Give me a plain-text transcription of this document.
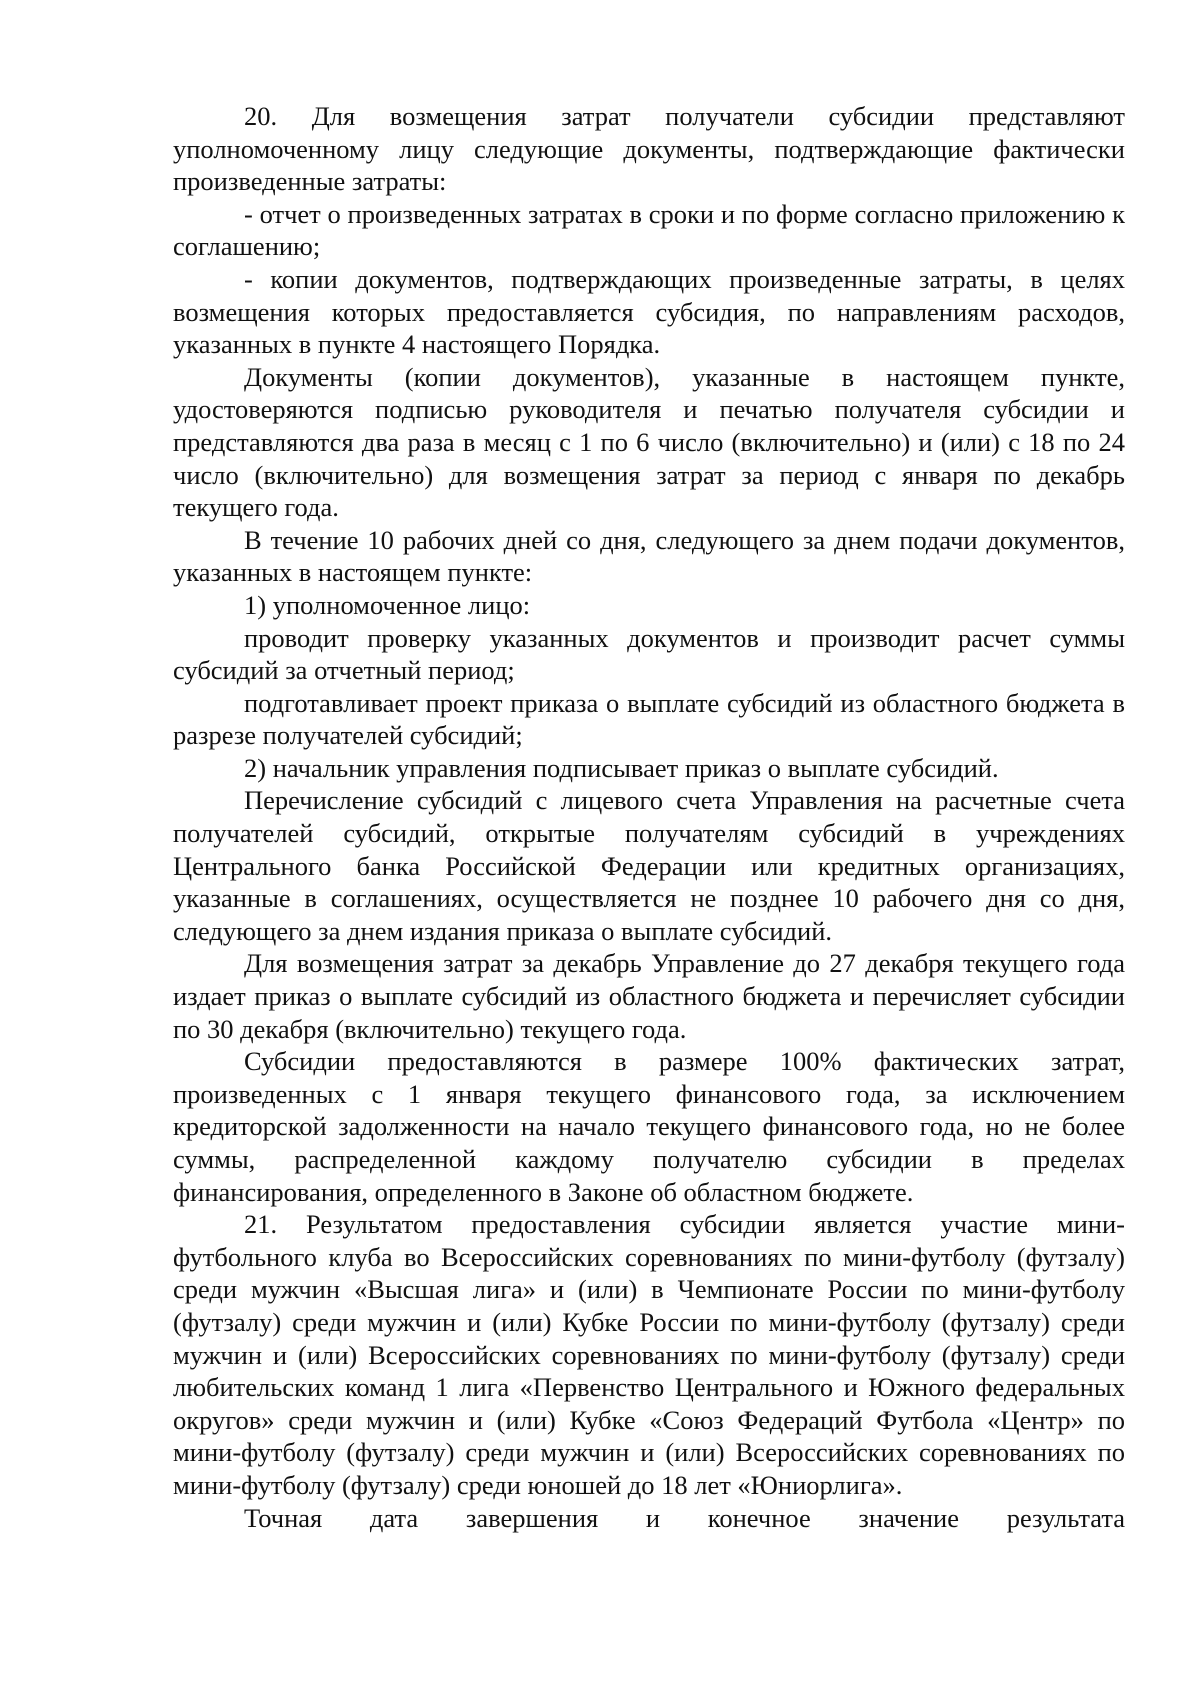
20. Для возмещения затрат получатели субсидии представляют уполномоченному лицу следующие документы, подтверждающие фактически произведенные затраты:

- отчет о произведенных затратах в сроки и по форме согласно приложению к соглашению;

- копии документов, подтверждающих произведенные затраты, в целях возмещения которых предоставляется субсидия, по направлениям расходов, указанных в пункте 4 настоящего Порядка.

Документы (копии документов), указанные в настоящем пункте, удостоверяются подписью руководителя и печатью получателя субсидии и представляются два раза в месяц с 1 по 6 число (включительно) и (или) с 18 по 24 число (включительно) для возмещения затрат за период с января по декабрь текущего года.

В течение 10 рабочих дней со дня, следующего за днем подачи документов, указанных в настоящем пункте:

1) уполномоченное лицо:

проводит проверку указанных документов и производит расчет суммы субсидий за отчетный период;

подготавливает проект приказа о выплате субсидий из областного бюджета в разрезе получателей субсидий;

2) начальник управления подписывает приказ о выплате субсидий.

Перечисление субсидий с лицевого счета Управления на расчетные счета получателей субсидий, открытые получателям субсидий в учреждениях Центрального банка Российской Федерации или кредитных организациях, указанные в соглашениях, осуществляется не позднее 10 рабочего дня со дня, следующего за днем издания приказа о выплате субсидий.

Для возмещения затрат за декабрь Управление до 27 декабря текущего года издает приказ о выплате субсидий из областного бюджета и перечисляет субсидии по 30 декабря (включительно) текущего года.

Субсидии предоставляются в размере 100% фактических затрат, произведенных с 1 января текущего финансового года, за исключением кредиторской задолженности на начало текущего финансового года, но не более суммы, распределенной каждому получателю субсидии в пределах финансирования, определенного в Законе об областном бюджете.

21. Результатом предоставления субсидии является участие мини-футбольного клуба во Всероссийских соревнованиях по мини-футболу (футзалу) среди мужчин «Высшая лига» и (или) в Чемпионате России по мини-футболу (футзалу) среди мужчин и (или) Кубке России по мини-футболу (футзалу) среди мужчин и (или) Всероссийских соревнованиях по мини-футболу (футзалу) среди любительских команд 1 лига «Первенство Центрального и Южного федеральных округов» среди мужчин и (или) Кубке «Союз Федераций Футбола «Центр» по мини-футболу (футзалу) среди мужчин и (или) Всероссийских соревнованиях по мини-футболу (футзалу) среди юношей до 18 лет «Юниорлига».

Точная дата завершения и конечное значение результата
